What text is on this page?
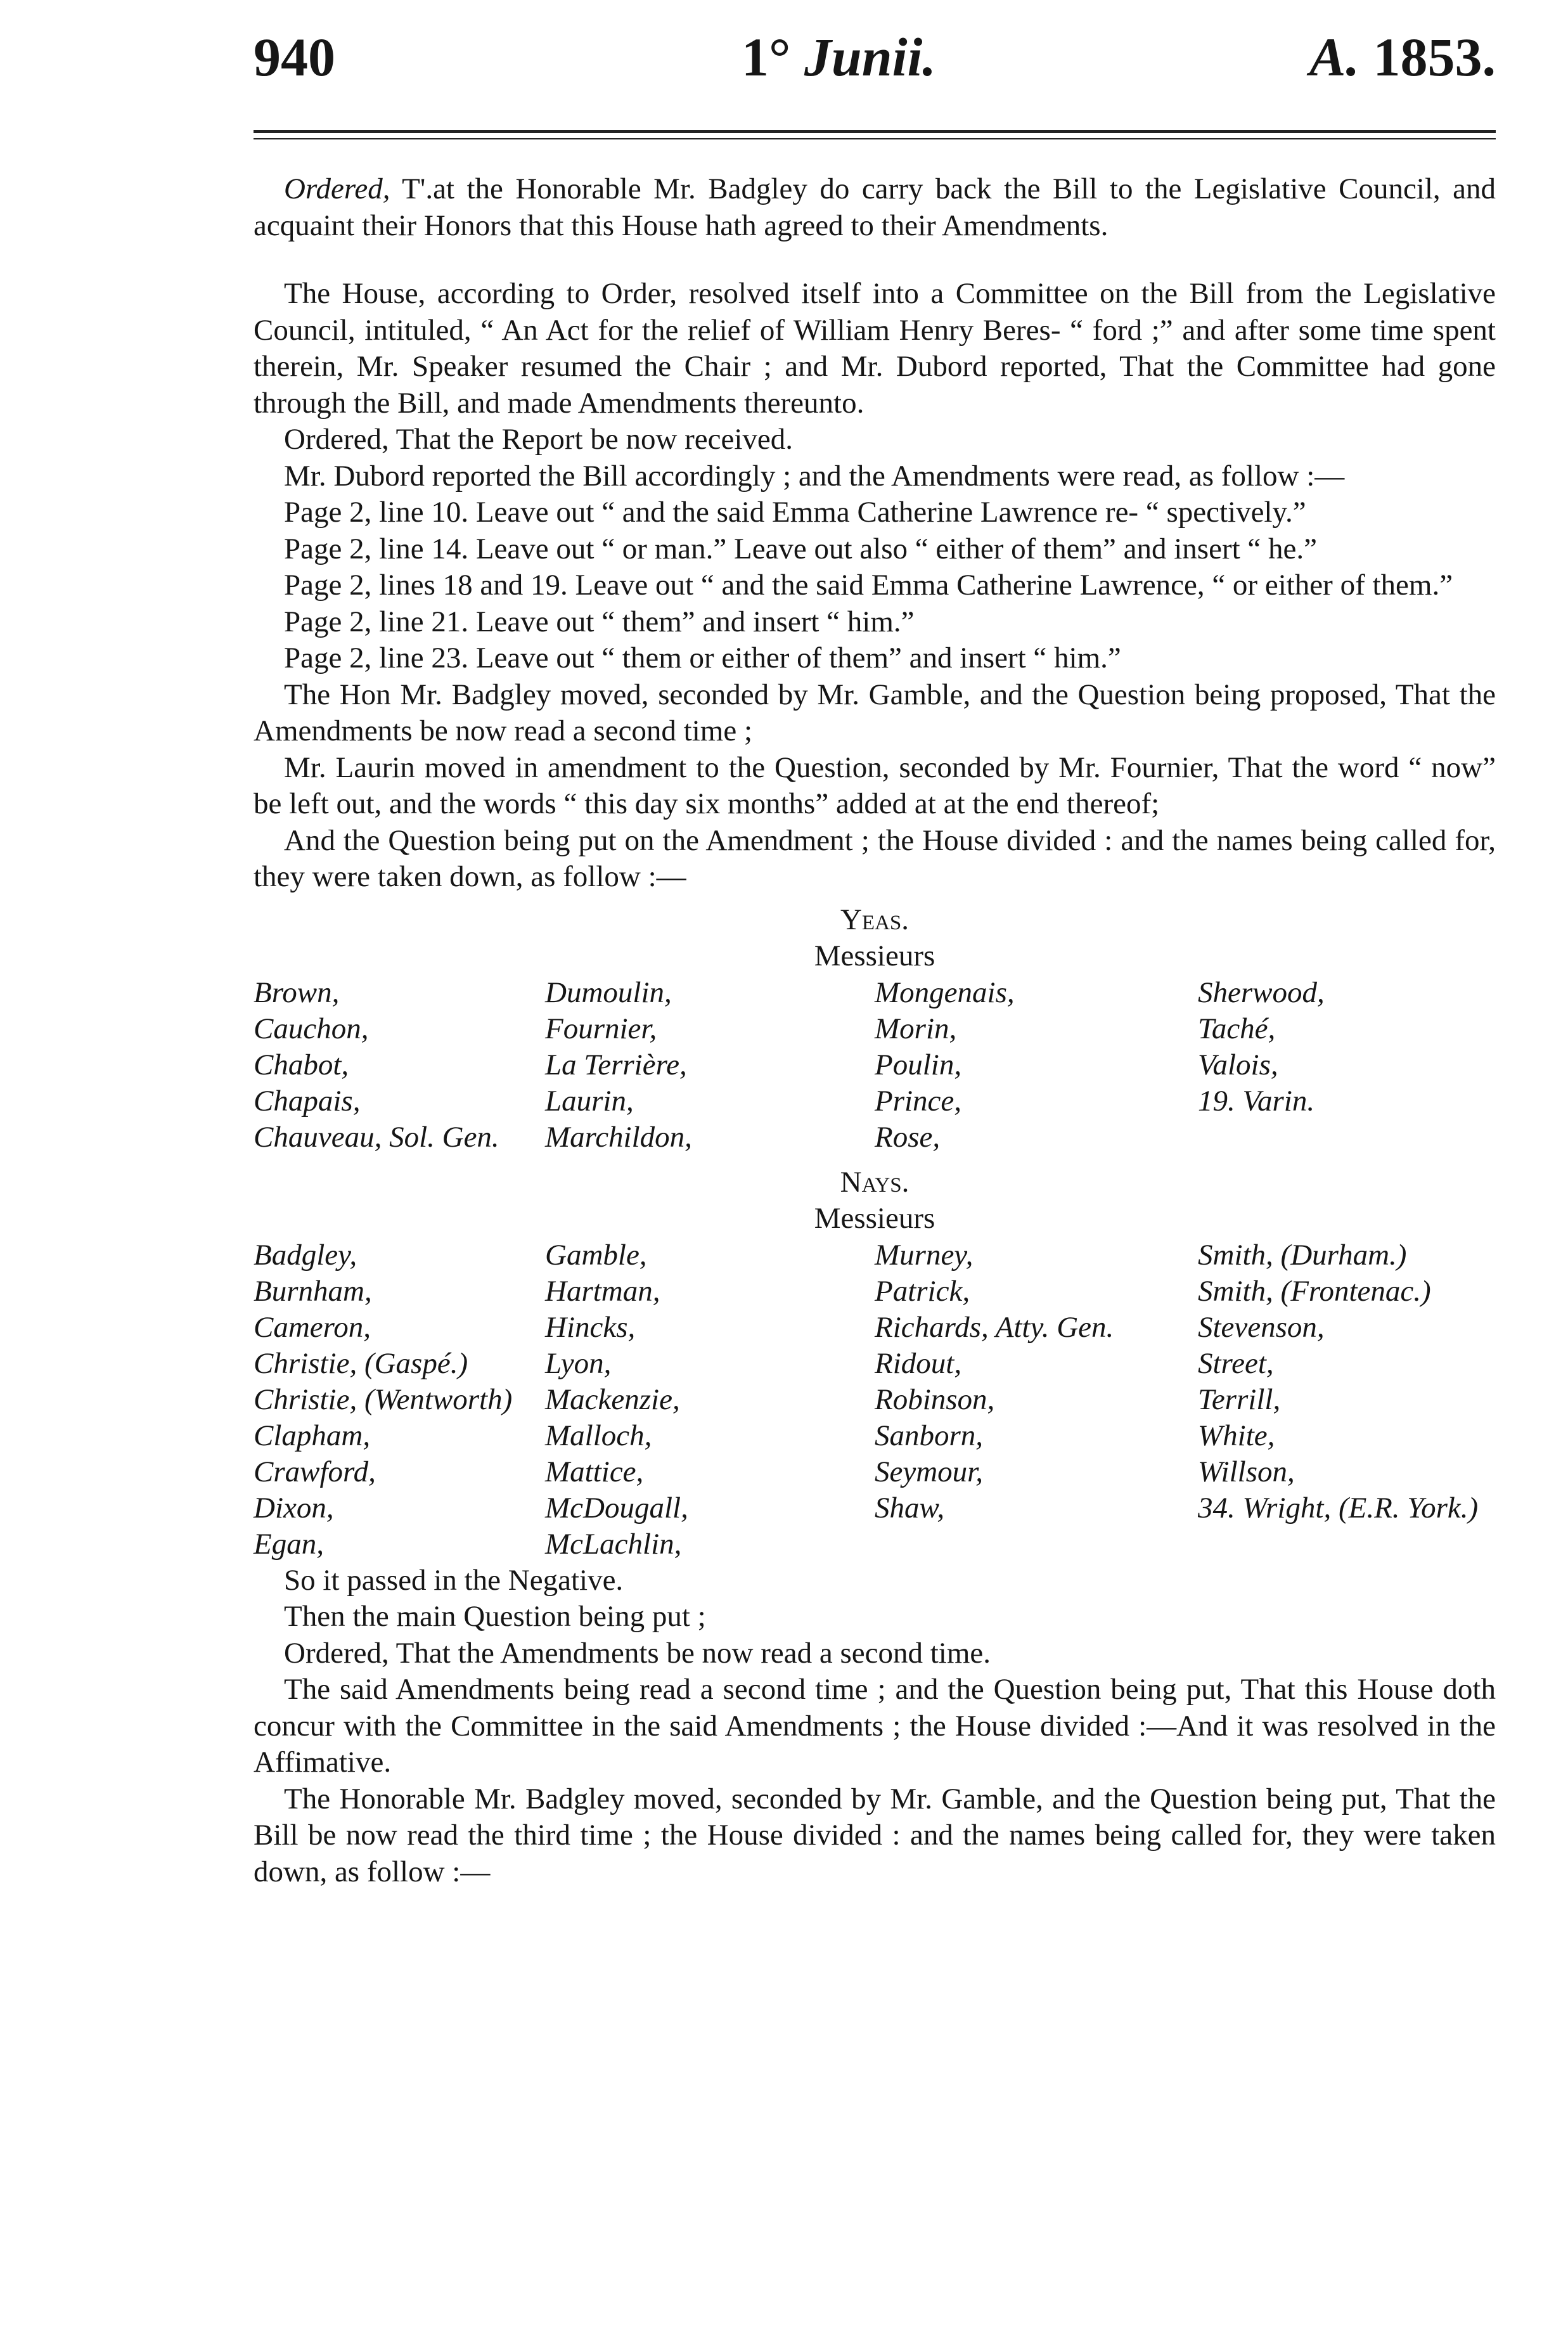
940	1° Junii.	A. 1853.

Ordered, T'.at the Honorable Mr. Badgley do carry back the Bill to the Legislative Council, and acquaint their Honors that this House hath agreed to their Amendments.

The House, according to Order, resolved itself into a Committee on the Bill from the Legislative Council, intituled, “ An Act for the relief of William Henry Beres- “ ford ;” and after some time spent therein, Mr. Speaker resumed the Chair ; and Mr. Dubord reported, That the Committee had gone through the Bill, and made Amendments thereunto.

Ordered, That the Report be now received.

Mr. Dubord reported the Bill accordingly ; and the Amendments were read, as follow :—

Page 2, line 10. Leave out “ and the said Emma Catherine Lawrence re- “ spectively.”

Page 2, line 14. Leave out “ or man.” Leave out also “ either of them” and insert “ he.”

Page 2, lines 18 and 19. Leave out “ and the said Emma Catherine Lawrence, “ or either of them.”

Page 2, line 21. Leave out “ them” and insert “ him.”

Page 2, line 23. Leave out “ them or either of them” and insert “ him.”

The Hon Mr. Badgley moved, seconded by Mr. Gamble, and the Question being proposed, That the Amendments be now read a second time ;

Mr. Laurin moved in amendment to the Question, seconded by Mr. Fournier, That the word “ now” be left out, and the words “ this day six months” added at at the end thereof;

And the Question being put on the Amendment ; the House divided : and the names being called for, they were taken down, as follow :—

Yeas.

Messieurs

Brown,	Dumoulin,	Mongenais,	Sherwood,
Cauchon,	Fournier,	Morin,	Taché,
Chabot,	La Terrière,	Poulin,	Valois,
Chapais,	Laurin,	Prince,	19. Varin.
Chauveau, Sol. Gen.	Marchildon,	Rose,	

Nays.

Messieurs

Badgley,	Gamble,	Murney,	Smith, (Durham.)
Burnham,	Hartman,	Patrick,	Smith, (Frontenac.)
Cameron,	Hincks,	Richards, Atty. Gen.	Stevenson,
Christie, (Gaspé.)	Lyon,	Ridout,	Street,
Christie, (Wentworth)	Mackenzie,	Robinson,	Terrill,
Clapham,	Malloch,	Sanborn,	White,
Crawford,	Mattice,	Seymour,	Willson,
Dixon,	McDougall,	Shaw,	34. Wright, (E.R. York.)
Egan,	McLachlin,		

So it passed in the Negative.

Then the main Question being put ;

Ordered, That the Amendments be now read a second time.

The said Amendments being read a second time ; and the Question being put, That this House doth concur with the Committee in the said Amendments ; the House divided :—And it was resolved in the Affimative.

The Honorable Mr. Badgley moved, seconded by Mr. Gamble, and the Question being put, That the Bill be now read the third time ; the House divided : and the names being called for, they were taken down, as follow :—
